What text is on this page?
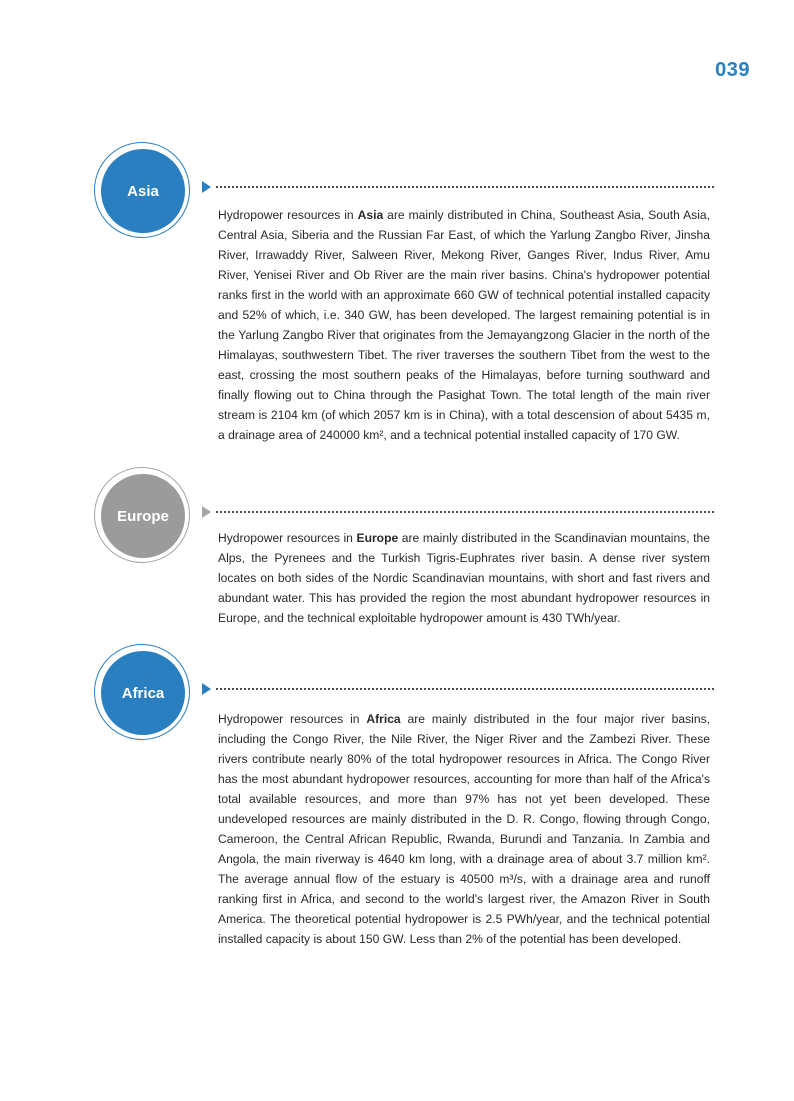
039
Asia

Hydropower resources in Asia are mainly distributed in China, Southeast Asia, South Asia, Central Asia, Siberia and the Russian Far East, of which the Yarlung Zangbo River, Jinsha River, Irrawaddy River, Salween River, Mekong River, Ganges River, Indus River, Amu River, Yenisei River and Ob River are the main river basins. China's hydropower potential ranks first in the world with an approximate 660 GW of technical potential installed capacity and 52% of which, i.e. 340 GW, has been developed. The largest remaining potential is in the Yarlung Zangbo River that originates from the Jemayangzong Glacier in the north of the Himalayas, southwestern Tibet. The river traverses the southern Tibet from the west to the east, crossing the most southern peaks of the Himalayas, before turning southward and finally flowing out to China through the Pasighat Town. The total length of the main river stream is 2104 km (of which 2057 km is in China), with a total descension of about 5435 m, a drainage area of 240000 km², and a technical potential installed capacity of 170 GW.

Europe

Hydropower resources in Europe are mainly distributed in the Scandinavian mountains, the Alps, the Pyrenees and the Turkish Tigris-Euphrates river basin. A dense river system locates on both sides of the Nordic Scandinavian mountains, with short and fast rivers and abundant water. This has provided the region the most abundant hydropower resources in Europe, and the technical exploitable hydropower amount is 430 TWh/year.

Africa

Hydropower resources in Africa are mainly distributed in the four major river basins, including the Congo River, the Nile River, the Niger River and the Zambezi River. These rivers contribute nearly 80% of the total hydropower resources in Africa. The Congo River has the most abundant hydropower resources, accounting for more than half of the Africa's total available resources, and more than 97% has not yet been developed. These undeveloped resources are mainly distributed in the D. R. Congo, flowing through Congo, Cameroon, the Central African Republic, Rwanda, Burundi and Tanzania. In Zambia and Angola, the main riverway is 4640 km long, with a drainage area of about 3.7 million km². The average annual flow of the estuary is 40500 m³/s, with a drainage area and runoff ranking first in Africa, and second to the world's largest river, the Amazon River in South America. The theoretical potential hydropower is 2.5 PWh/year, and the technical potential installed capacity is about 150 GW. Less than 2% of the potential has been developed.
